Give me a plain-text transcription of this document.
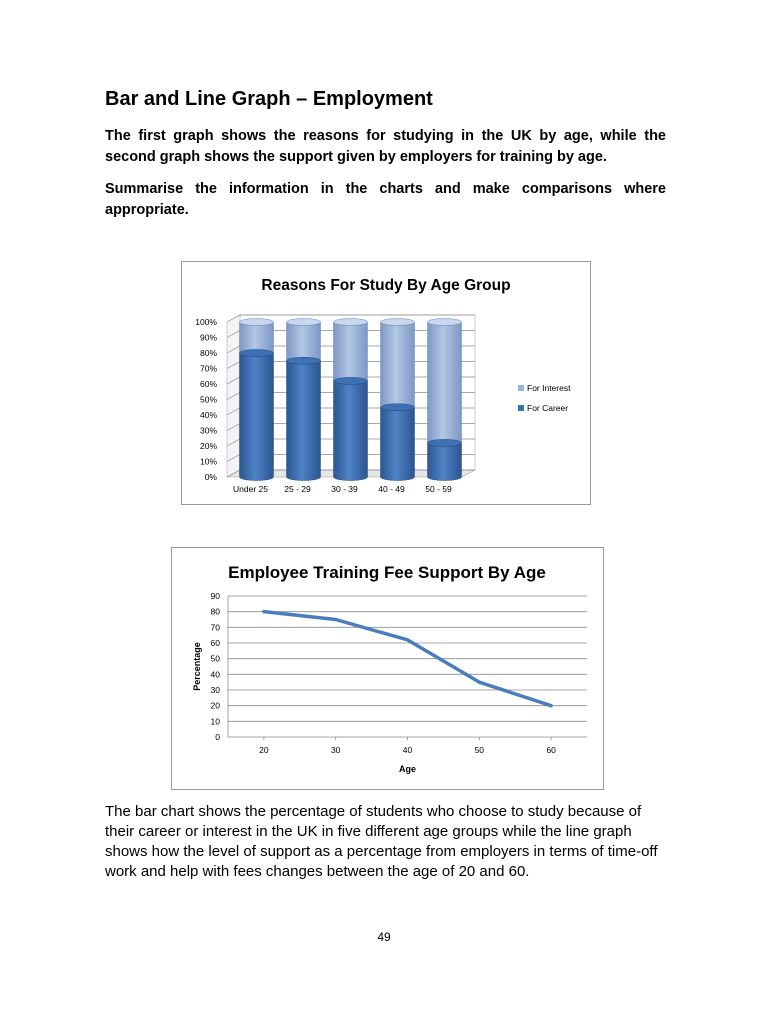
Bar and Line Graph – Employment

The first graph shows the reasons for studying in the UK by age, while the second graph shows the support given by employers for training by age.

Summarise the information in the charts and make comparisons where appropriate.

Reasons For Study By Age Group
0%
10%
20%
30%
40%
50%
60%
70%
80%
90%
100%
Under 25 25 - 29 30 - 39 40 - 49 50 - 59
For Interest
For Career
Employee Training Fee Support By Age
0
10
20
30
40
50
60
70
80
90
20	30	40	50	60
Age
Percentage

The bar chart shows the percentage of students who choose to study because of their career or interest in the UK in five different age groups while the line graph shows how the level of support as a percentage from employers in terms of time-off work and help with fees changes between the age of 20 and 60.

49
